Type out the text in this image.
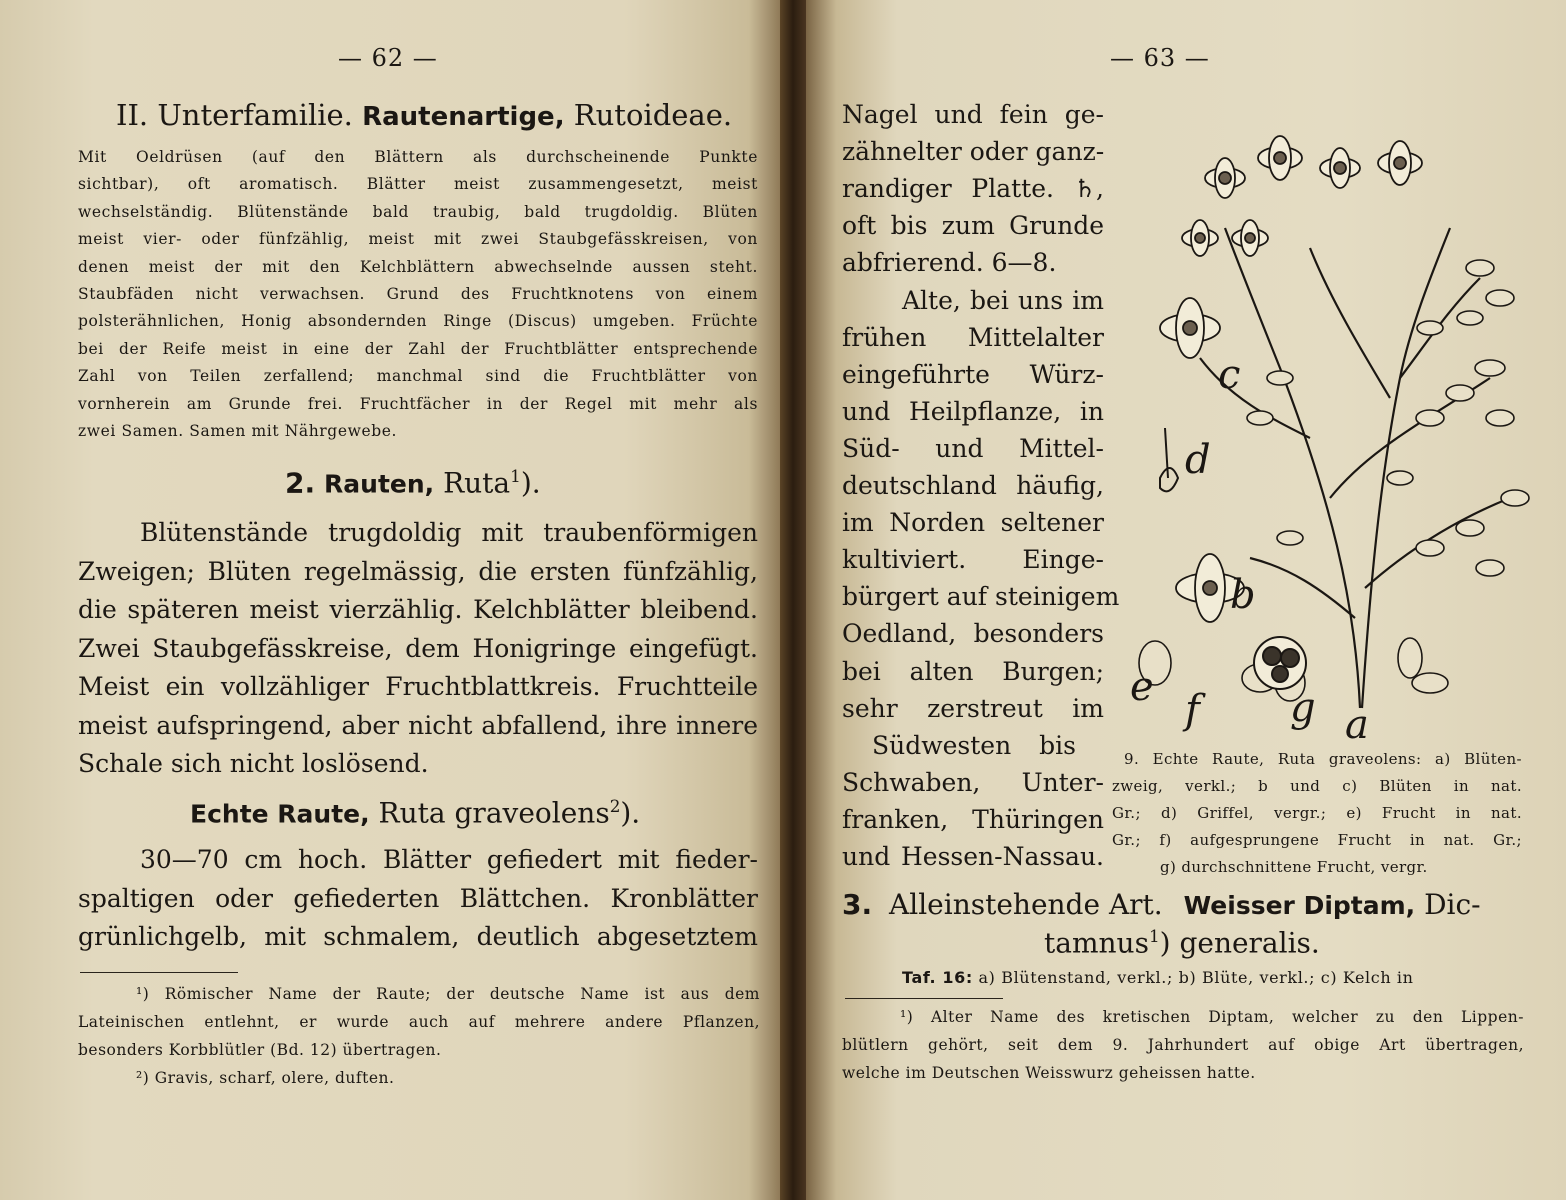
— 62 —

II. Unterfamilie. Rautenartige, Rutoideae.

Mit Oeldrüsen (auf den Blättern als durchscheinende Punkte

sichtbar), oft aromatisch. Blätter meist zusammengesetzt, meist

wechselständig. Blütenstände bald traubig, bald trugdoldig. Blüten

meist vier- oder fünfzählig, meist mit zwei Staubgefässkreisen, von

denen meist der mit den Kelchblättern abwechselnde aussen steht.

Staubfäden nicht verwachsen. Grund des Fruchtknotens von einem

polsterähnlichen, Honig absondernden Ringe (Discus) umgeben. Früchte

bei der Reife meist in eine der Zahl der Fruchtblätter entsprechende

Zahl von Teilen zerfallend; manchmal sind die Fruchtblätter von

vornherein am Grunde frei. Fruchtfächer in der Regel mit mehr als

zwei Samen. Samen mit Nährgewebe.

2. Rauten, Ruta$^1$).

Blütenstände trugdoldig mit traubenförmigen

Zweigen; Blüten regelmässig, die ersten fünfzählig,

die späteren meist vierzählig. Kelchblätter bleibend.

Zwei Staubgefässkreise, dem Honigringe eingefügt.

Meist ein vollzähliger Fruchtblattkreis. Fruchtteile

meist aufspringend, aber nicht abfallend, ihre innere

Schale sich nicht loslösend.

Echte Raute, Ruta graveolens$^2$).

30—70 cm hoch. Blätter gefiedert mit fieder-

spaltigen oder gefiederten Blättchen. Kronblätter

grünlichgelb, mit schmalem, deutlich abgesetztem

¹) Römischer Name der Raute; der deutsche Name ist aus dem

Lateinischen entlehnt, er wurde auch auf mehrere andere Pflanzen,

besonders Korbblütler (Bd. 12) übertragen.

²) Gravis, scharf, olere, duften.

— 63 —

Nagel und fein ge-

zähnelter oder ganz-

randiger Platte. ♄,

oft bis zum Grunde

abfrierend. 6—8.

Alte, bei uns im

frühen Mittelalter

eingeführte Würz-

und Heilpflanze, in

Süd- und Mittel-

deutschland häufig,

im Norden seltener

kultiviert. Einge-

bürgert auf steinigem

Oedland, besonders

bei alten Burgen;

sehr zerstreut im

Südwesten bis

Schwaben, Unter-

franken, Thüringen

und Hessen-Nassau.

c
d
b
e f g a

9. Echte Raute, Ruta graveolens: a) Blüten-

zweig, verkl.; b und c) Blüten in nat.

Gr.; d) Griffel, vergr.; e) Frucht in nat.

Gr.; f) aufgesprungene Frucht in nat. Gr.;

g) durchschnittene Frucht, vergr.

3. Alleinstehende Art. Weisser Diptam, Dic-

tamnus$^1$) generalis.

Taf. 16: a) Blütenstand, verkl.; b) Blüte, verkl.; c) Kelch in

¹) Alter Name des kretischen Diptam, welcher zu den Lippen-

blütlern gehört, seit dem 9. Jahrhundert auf obige Art übertragen,

welche im Deutschen Weisswurz geheissen hatte.
